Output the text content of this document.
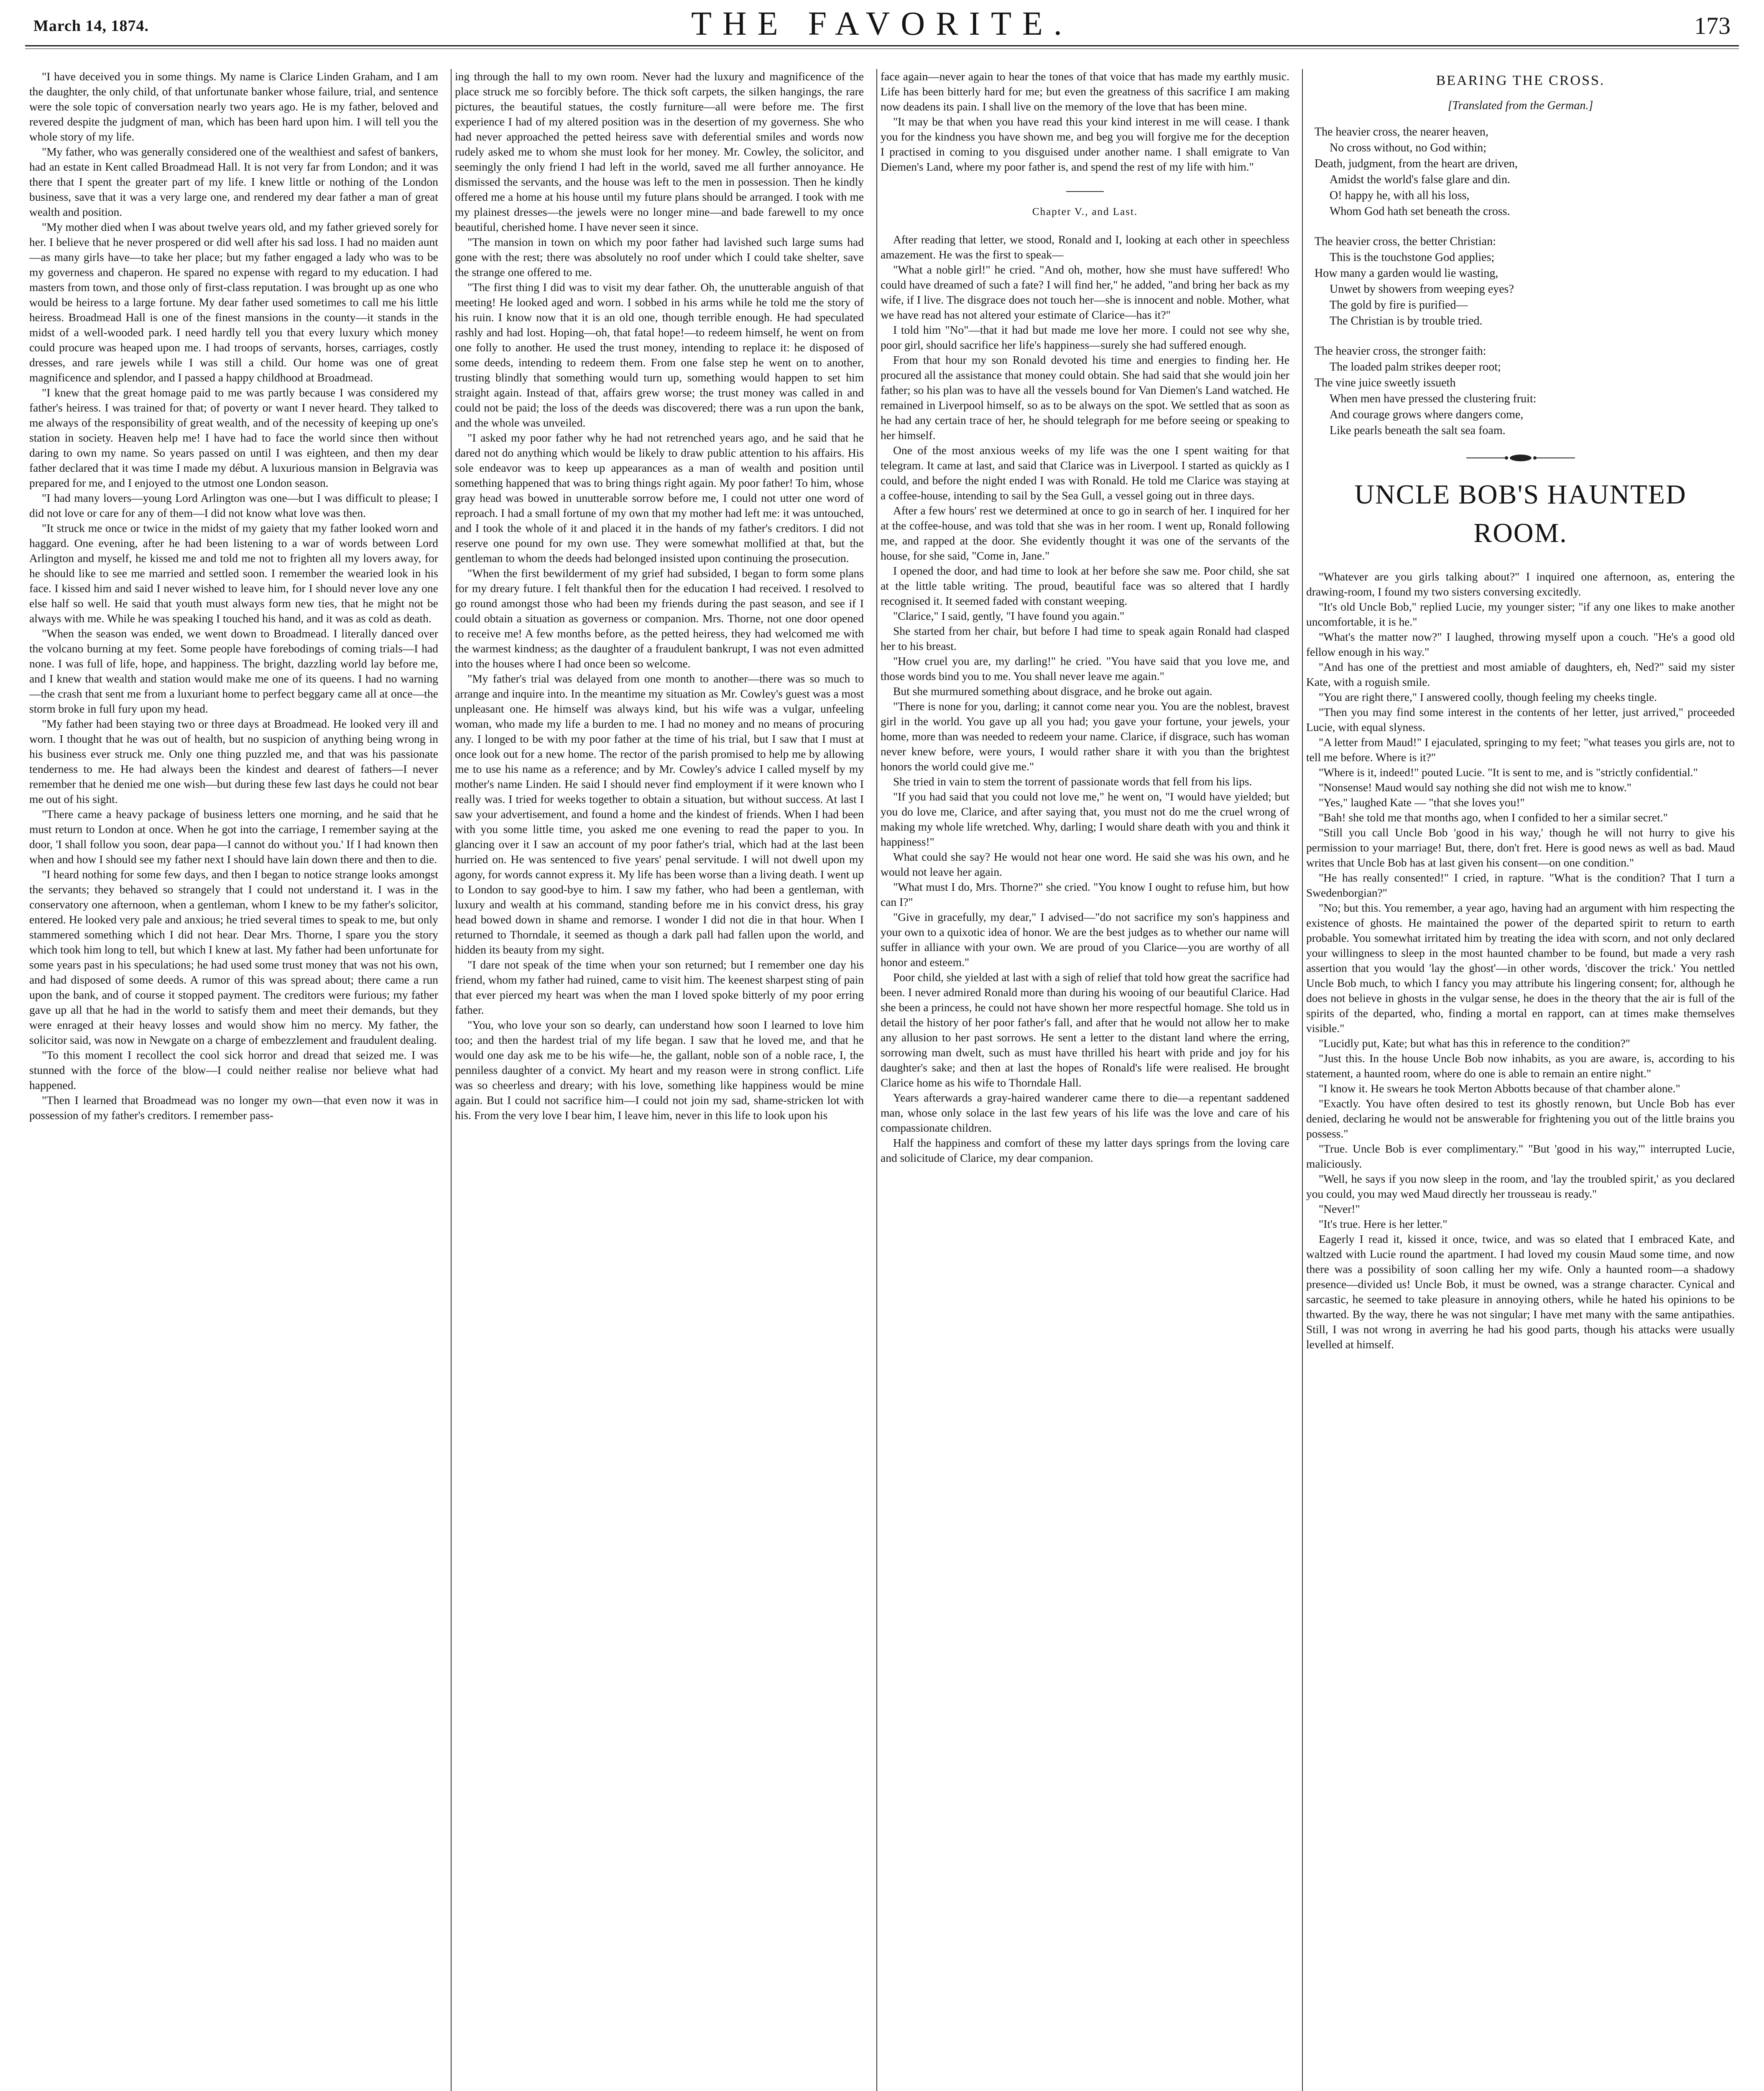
March 14, 1874.	THE FAVORITE.	173

"I have deceived you in some things. My name is Clarice Linden Graham, and I am the daughter, the only child, of that unfortunate banker whose failure, trial, and sentence were the sole topic of conversation nearly two years ago. He is my father, beloved and revered despite the judgment of man, which has been hard upon him. I will tell you the whole story of my life.

"My father, who was generally considered one of the wealthiest and safest of bankers, had an estate in Kent called Broadmead Hall. It is not very far from London; and it was there that I spent the greater part of my life. I knew little or nothing of the London business, save that it was a very large one, and rendered my dear father a man of great wealth and position.

"My mother died when I was about twelve years old, and my father grieved sorely for her. I believe that he never prospered or did well after his sad loss. I had no maiden aunt—as many girls have—to take her place; but my father engaged a lady who was to be my governess and chaperon. He spared no expense with regard to my education. I had masters from town, and those only of first-class reputation. I was brought up as one who would be heiress to a large fortune. My dear father used sometimes to call me his little heiress. Broadmead Hall is one of the finest mansions in the county—it stands in the midst of a well-wooded park. I need hardly tell you that every luxury which money could procure was heaped upon me. I had troops of servants, horses, carriages, costly dresses, and rare jewels while I was still a child. Our home was one of great magnificence and splendor, and I passed a happy childhood at Broadmead.

"I knew that the great homage paid to me was partly because I was considered my father's heiress. I was trained for that; of poverty or want I never heard. They talked to me always of the responsibility of great wealth, and of the necessity of keeping up one's station in society. Heaven help me! I have had to face the world since then without daring to own my name. So years passed on until I was eighteen, and then my dear father declared that it was time I made my début. A luxurious mansion in Belgravia was prepared for me, and I enjoyed to the utmost one London season.

"I had many lovers—young Lord Arlington was one—but I was difficult to please; I did not love or care for any of them—I did not know what love was then.

"It struck me once or twice in the midst of my gaiety that my father looked worn and haggard. One evening, after he had been listening to a war of words between Lord Arlington and myself, he kissed me and told me not to frighten all my lovers away, for he should like to see me married and settled soon. I remember the wearied look in his face. I kissed him and said I never wished to leave him, for I should never love any one else half so well. He said that youth must always form new ties, that he might not be always with me. While he was speaking I touched his hand, and it was as cold as death.

"When the season was ended, we went down to Broadmead. I literally danced over the volcano burning at my feet. Some people have forebodings of coming trials—I had none. I was full of life, hope, and happiness. The bright, dazzling world lay before me, and I knew that wealth and station would make me one of its queens. I had no warning—the crash that sent me from a luxuriant home to perfect beggary came all at once—the storm broke in full fury upon my head.

"My father had been staying two or three days at Broadmead. He looked very ill and worn. I thought that he was out of health, but no suspicion of anything being wrong in his business ever struck me. Only one thing puzzled me, and that was his passionate tenderness to me. He had always been the kindest and dearest of fathers—I never remember that he denied me one wish—but during these few last days he could not bear me out of his sight.

"There came a heavy package of business letters one morning, and he said that he must return to London at once. When he got into the carriage, I remember saying at the door, 'I shall follow you soon, dear papa—I cannot do without you.' If I had known then when and how I should see my father next I should have lain down there and then to die.

"I heard nothing for some few days, and then I began to notice strange looks amongst the servants; they behaved so strangely that I could not understand it. I was in the conservatory one afternoon, when a gentleman, whom I knew to be my father's solicitor, entered. He looked very pale and anxious; he tried several times to speak to me, but only stammered something which I did not hear. Dear Mrs. Thorne, I spare you the story which took him long to tell, but which I knew at last. My father had been unfortunate for some years past in his speculations; he had used some trust money that was not his own, and had disposed of some deeds. A rumor of this was spread about; there came a run upon the bank, and of course it stopped payment. The creditors were furious; my father gave up all that he had in the world to satisfy them and meet their demands, but they were enraged at their heavy losses and would show him no mercy. My father, the solicitor said, was now in Newgate on a charge of embezzlement and fraudulent dealing.

"To this moment I recollect the cool sick horror and dread that seized me. I was stunned with the force of the blow—I could neither realise nor believe what had happened.

"Then I learned that Broadmead was no longer my own—that even now it was in possession of my father's creditors. I remember pass-

ing through the hall to my own room. Never had the luxury and magnificence of the place struck me so forcibly before. The thick soft carpets, the silken hangings, the rare pictures, the beautiful statues, the costly furniture—all were before me. The first experience I had of my altered position was in the desertion of my governess. She who had never approached the petted heiress save with deferential smiles and words now rudely asked me to whom she must look for her money. Mr. Cowley, the solicitor, and seemingly the only friend I had left in the world, saved me all further annoyance. He dismissed the servants, and the house was left to the men in possession. Then he kindly offered me a home at his house until my future plans should be arranged. I took with me my plainest dresses—the jewels were no longer mine—and bade farewell to my once beautiful, cherished home. I have never seen it since.

"The mansion in town on which my poor father had lavished such large sums had gone with the rest; there was absolutely no roof under which I could take shelter, save the strange one offered to me.

"The first thing I did was to visit my dear father. Oh, the unutterable anguish of that meeting! He looked aged and worn. I sobbed in his arms while he told me the story of his ruin. I know now that it is an old one, though terrible enough. He had speculated rashly and had lost. Hoping—oh, that fatal hope!—to redeem himself, he went on from one folly to another. He used the trust money, intending to replace it: he disposed of some deeds, intending to redeem them. From one false step he went on to another, trusting blindly that something would turn up, something would happen to set him straight again. Instead of that, affairs grew worse; the trust money was called in and could not be paid; the loss of the deeds was discovered; there was a run upon the bank, and the whole was unveiled.

"I asked my poor father why he had not retrenched years ago, and he said that he dared not do anything which would be likely to draw public attention to his affairs. His sole endeavor was to keep up appearances as a man of wealth and position until something happened that was to bring things right again. My poor father! To him, whose gray head was bowed in unutterable sorrow before me, I could not utter one word of reproach. I had a small fortune of my own that my mother had left me: it was untouched, and I took the whole of it and placed it in the hands of my father's creditors. I did not reserve one pound for my own use. They were somewhat mollified at that, but the gentleman to whom the deeds had belonged insisted upon continuing the prosecution.

"When the first bewilderment of my grief had subsided, I began to form some plans for my dreary future. I felt thankful then for the education I had received. I resolved to go round amongst those who had been my friends during the past season, and see if I could obtain a situation as governess or companion. Mrs. Thorne, not one door opened to receive me! A few months before, as the petted heiress, they had welcomed me with the warmest kindness; as the daughter of a fraudulent bankrupt, I was not even admitted into the houses where I had once been so welcome.

"My father's trial was delayed from one month to another—there was so much to arrange and inquire into. In the meantime my situation as Mr. Cowley's guest was a most unpleasant one. He himself was always kind, but his wife was a vulgar, unfeeling woman, who made my life a burden to me. I had no money and no means of procuring any. I longed to be with my poor father at the time of his trial, but I saw that I must at once look out for a new home. The rector of the parish promised to help me by allowing me to use his name as a reference; and by Mr. Cowley's advice I called myself by my mother's name Linden. He said I should never find employment if it were known who I really was. I tried for weeks together to obtain a situation, but without success. At last I saw your advertisement, and found a home and the kindest of friends. When I had been with you some little time, you asked me one evening to read the paper to you. In glancing over it I saw an account of my poor father's trial, which had at the last been hurried on. He was sentenced to five years' penal servitude. I will not dwell upon my agony, for words cannot express it. My life has been worse than a living death. I went up to London to say good-bye to him. I saw my father, who had been a gentleman, with luxury and wealth at his command, standing before me in his convict dress, his gray head bowed down in shame and remorse. I wonder I did not die in that hour. When I returned to Thorndale, it seemed as though a dark pall had fallen upon the world, and hidden its beauty from my sight.

"I dare not speak of the time when your son returned; but I remember one day his friend, whom my father had ruined, came to visit him. The keenest sharpest sting of pain that ever pierced my heart was when the man I loved spoke bitterly of my poor erring father.

"You, who love your son so dearly, can understand how soon I learned to love him too; and then the hardest trial of my life began. I saw that he loved me, and that he would one day ask me to be his wife—he, the gallant, noble son of a noble race, I, the penniless daughter of a convict. My heart and my reason were in strong conflict. Life was so cheerless and dreary; with his love, something like happiness would be mine again. But I could not sacrifice him—I could not join my sad, shame-stricken lot with his. From the very love I bear him, I leave him, never in this life to look upon his

face again—never again to hear the tones of that voice that has made my earthly music. Life has been bitterly hard for me; but even the greatness of this sacrifice I am making now deadens its pain. I shall live on the memory of the love that has been mine.

"It may be that when you have read this your kind interest in me will cease. I thank you for the kindness you have shown me, and beg you will forgive me for the deception I practised in coming to you disguised under another name. I shall emigrate to Van Diemen's Land, where my poor father is, and spend the rest of my life with him."

Chapter V., and Last.

After reading that letter, we stood, Ronald and I, looking at each other in speechless amazement. He was the first to speak—

"What a noble girl!" he cried. "And oh, mother, how she must have suffered! Who could have dreamed of such a fate? I will find her," he added, "and bring her back as my wife, if I live. The disgrace does not touch her—she is innocent and noble. Mother, what we have read has not altered your estimate of Clarice—has it?"

I told him "No"—that it had but made me love her more. I could not see why she, poor girl, should sacrifice her life's happiness—surely she had suffered enough.

From that hour my son Ronald devoted his time and energies to finding her. He procured all the assistance that money could obtain. She had said that she would join her father; so his plan was to have all the vessels bound for Van Diemen's Land watched. He remained in Liverpool himself, so as to be always on the spot. We settled that as soon as he had any certain trace of her, he should telegraph for me before seeing or speaking to her himself.

One of the most anxious weeks of my life was the one I spent waiting for that telegram. It came at last, and said that Clarice was in Liverpool. I started as quickly as I could, and before the night ended I was with Ronald. He told me Clarice was staying at a coffee-house, intending to sail by the Sea Gull, a vessel going out in three days.

After a few hours' rest we determined at once to go in search of her. I inquired for her at the coffee-house, and was told that she was in her room. I went up, Ronald following me, and rapped at the door. She evidently thought it was one of the servants of the house, for she said, "Come in, Jane."

I opened the door, and had time to look at her before she saw me. Poor child, she sat at the little table writing. The proud, beautiful face was so altered that I hardly recognised it. It seemed faded with constant weeping.

"Clarice," I said, gently, "I have found you again."

She started from her chair, but before I had time to speak again Ronald had clasped her to his breast.

"How cruel you are, my darling!" he cried. "You have said that you love me, and those words bind you to me. You shall never leave me again."

But she murmured something about disgrace, and he broke out again.

"There is none for you, darling; it cannot come near you. You are the noblest, bravest girl in the world. You gave up all you had; you gave your fortune, your jewels, your home, more than was needed to redeem your name. Clarice, if disgrace, such has woman never knew before, were yours, I would rather share it with you than the brightest honors the world could give me."

She tried in vain to stem the torrent of passionate words that fell from his lips.

"If you had said that you could not love me," he went on, "I would have yielded; but you do love me, Clarice, and after saying that, you must not do me the cruel wrong of making my whole life wretched. Why, darling; I would share death with you and think it happiness!"

What could she say? He would not hear one word. He said she was his own, and he would not leave her again.

"What must I do, Mrs. Thorne?" she cried. "You know I ought to refuse him, but how can I?"

"Give in gracefully, my dear," I advised—"do not sacrifice my son's happiness and your own to a quixotic idea of honor. We are the best judges as to whether our name will suffer in alliance with your own. We are proud of you Clarice—you are worthy of all honor and esteem."

Poor child, she yielded at last with a sigh of relief that told how great the sacrifice had been. I never admired Ronald more than during his wooing of our beautiful Clarice. Had she been a princess, he could not have shown her more respectful homage. She told us in detail the history of her poor father's fall, and after that he would not allow her to make any allusion to her past sorrows. He sent a letter to the distant land where the erring, sorrowing man dwelt, such as must have thrilled his heart with pride and joy for his daughter's sake; and then at last the hopes of Ronald's life were realised. He brought Clarice home as his wife to Thorndale Hall.

Years afterwards a gray-haired wanderer came there to die—a repentant saddened man, whose only solace in the last few years of his life was the love and care of his compassionate children.

Half the happiness and comfort of these my latter days springs from the loving care and solicitude of Clarice, my dear companion.

BEARING THE CROSS.
[Translated from the German.]
The heavier cross, the nearer heaven,
No cross without, no God within;
Death, judgment, from the heart are driven,
Amidst the world's false glare and din.
O! happy he, with all his loss,
Whom God hath set beneath the cross.
The heavier cross, the better Christian:
This is the touchstone God applies;
How many a garden would lie wasting,
Unwet by showers from weeping eyes?
The gold by fire is purified—
The Christian is by trouble tried.
The heavier cross, the stronger faith:
The loaded palm strikes deeper root;
The vine juice sweetly issueth
When men have pressed the clustering fruit:
And courage grows where dangers come,
Like pearls beneath the salt sea foam.
UNCLE BOB'S HAUNTED
ROOM.

"Whatever are you girls talking about?" I inquired one afternoon, as, entering the drawing-room, I found my two sisters conversing excitedly.

"It's old Uncle Bob," replied Lucie, my younger sister; "if any one likes to make another uncomfortable, it is he."

"What's the matter now?" I laughed, throwing myself upon a couch. "He's a good old fellow enough in his way."

"And has one of the prettiest and most amiable of daughters, eh, Ned?" said my sister Kate, with a roguish smile.

"You are right there," I answered coolly, though feeling my cheeks tingle.

"Then you may find some interest in the contents of her letter, just arrived," proceeded Lucie, with equal slyness.

"A letter from Maud!" I ejaculated, springing to my feet; "what teases you girls are, not to tell me before. Where is it?"

"Where is it, indeed!" pouted Lucie. "It is sent to me, and is "strictly confidential."

"Nonsense! Maud would say nothing she did not wish me to know."

"Yes," laughed Kate — "that she loves you!"

"Bah! she told me that months ago, when I confided to her a similar secret."

"Still you call Uncle Bob 'good in his way,' though he will not hurry to give his permission to your marriage! But, there, don't fret. Here is good news as well as bad. Maud writes that Uncle Bob has at last given his consent—on one condition."

"He has really consented!" I cried, in rapture. "What is the condition? That I turn a Swedenborgian?"

"No; but this. You remember, a year ago, having had an argument with him respecting the existence of ghosts. He maintained the power of the departed spirit to return to earth probable. You somewhat irritated him by treating the idea with scorn, and not only declared your willingness to sleep in the most haunted chamber to be found, but made a very rash assertion that you would 'lay the ghost'—in other words, 'discover the trick.' You nettled Uncle Bob much, to which I fancy you may attribute his lingering consent; for, although he does not believe in ghosts in the vulgar sense, he does in the theory that the air is full of the spirits of the departed, who, finding a mortal en rapport, can at times make themselves visible."

"Lucidly put, Kate; but what has this in reference to the condition?"

"Just this. In the house Uncle Bob now inhabits, as you are aware, is, according to his statement, a haunted room, where do one is able to remain an entire night."

"I know it. He swears he took Merton Abbotts because of that chamber alone."

"Exactly. You have often desired to test its ghostly renown, but Uncle Bob has ever denied, declaring he would not be answerable for frightening you out of the little brains you possess."

"True. Uncle Bob is ever complimentary." "But 'good in his way,'" interrupted Lucie, maliciously.

"Well, he says if you now sleep in the room, and 'lay the troubled spirit,' as you declared you could, you may wed Maud directly her trousseau is ready."

"Never!"

"It's true. Here is her letter."

Eagerly I read it, kissed it once, twice, and was so elated that I embraced Kate, and waltzed with Lucie round the apartment. I had loved my cousin Maud some time, and now there was a possibility of soon calling her my wife. Only a haunted room—a shadowy presence—divided us! Uncle Bob, it must be owned, was a strange character. Cynical and sarcastic, he seemed to take pleasure in annoying others, while he hated his opinions to be thwarted. By the way, there he was not singular; I have met many with the same antipathies. Still, I was not wrong in averring he had his good parts, though his attacks were usually levelled at himself.
